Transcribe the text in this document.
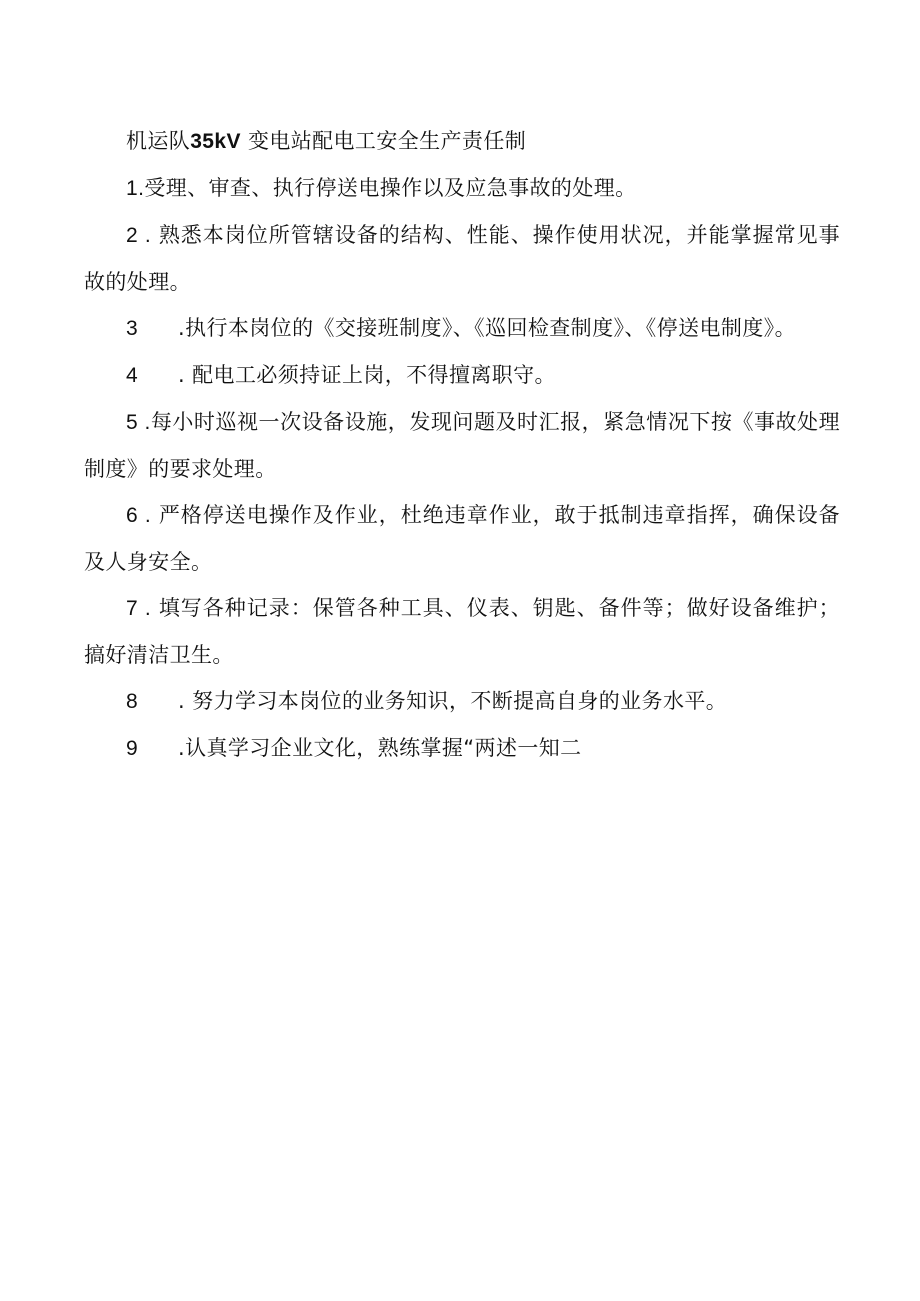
机运队35kV 变电站配电工安全生产责任制

1.受理、审查、执行停送电操作以及应急事故的处理。

2 . 熟悉本岗位所管辖设备的结构、性能、操作使用状况，并能掌握常见事故的处理。

3 .执行本岗位的《交接班制度》、《巡回检查制度》、《停送电制度》。

4 . 配电工必须持证上岗，不得擅离职守。

5 .每小时巡视一次设备设施，发现问题及时汇报，紧急情况下按《事故处理制度》的要求处理。

6 . 严格停送电操作及作业，杜绝违章作业，敢于抵制违章指挥，确保设备及人身安全。

7 . 填写各种记录：保管各种工具、仪表、钥匙、备件等；做好设备维护；搞好清洁卫生。

8 . 努力学习本岗位的业务知识，不断提高自身的业务水平。

9 .认真学习企业文化，熟练掌握“两述一知二
